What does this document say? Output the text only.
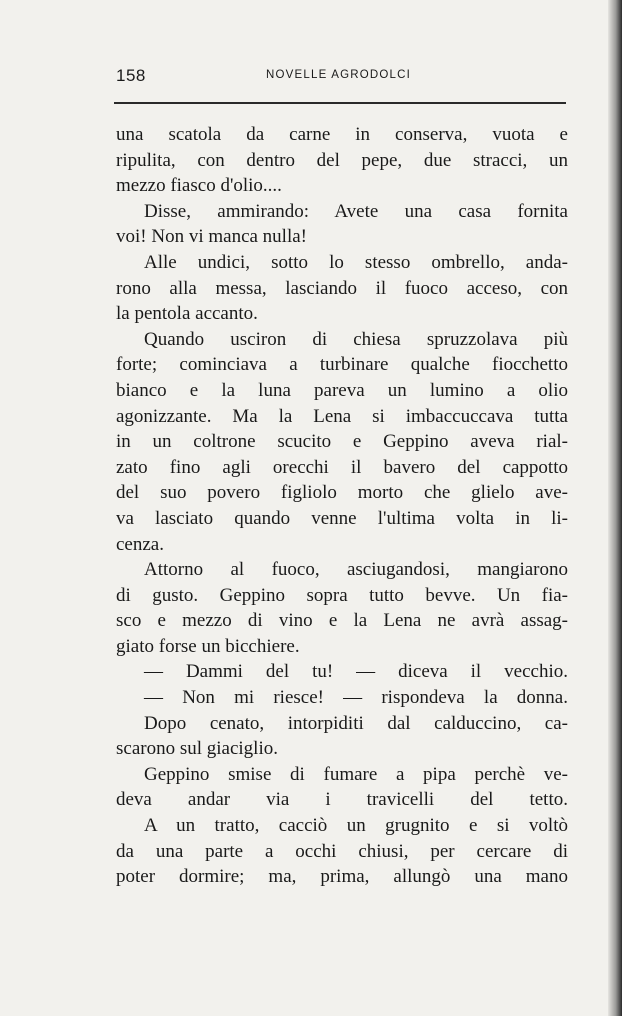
158	NOVELLE AGRODOLCI
una scatola da carne in conserva, vuota e
ripulita, con dentro del pepe, due stracci, un
mezzo fiasco d'olio....
Disse, ammirando: Avete una casa fornita
voi! Non vi manca nulla!
Alle undici, sotto lo stesso ombrello, anda-
rono alla messa, lasciando il fuoco acceso, con
la pentola accanto.
Quando usciron di chiesa spruzzolava più
forte; cominciava a turbinare qualche fiocchetto
bianco e la luna pareva un lumino a olio
agonizzante. Ma la Lena si imbaccuccava tutta
in un coltrone scucito e Geppino aveva rial-
zato fino agli orecchi il bavero del cappotto
del suo povero figliolo morto che glielo ave-
va lasciato quando venne l'ultima volta in li-
cenza.
Attorno al fuoco, asciugandosi, mangiarono
di gusto. Geppino sopra tutto bevve. Un fia-
sco e mezzo di vino e la Lena ne avrà assag-
giato forse un bicchiere.
— Dammi del tu! — diceva il vecchio.
— Non mi riesce! — rispondeva la donna.
Dopo cenato, intorpiditi dal calduccino, ca-
scarono sul giaciglio.
Geppino smise di fumare a pipa perchè ve-
deva andar via i travicelli del tetto.
A un tratto, cacciò un grugnito e si voltò
da una parte a occhi chiusi, per cercare di
poter dormire; ma, prima, allungò una mano
